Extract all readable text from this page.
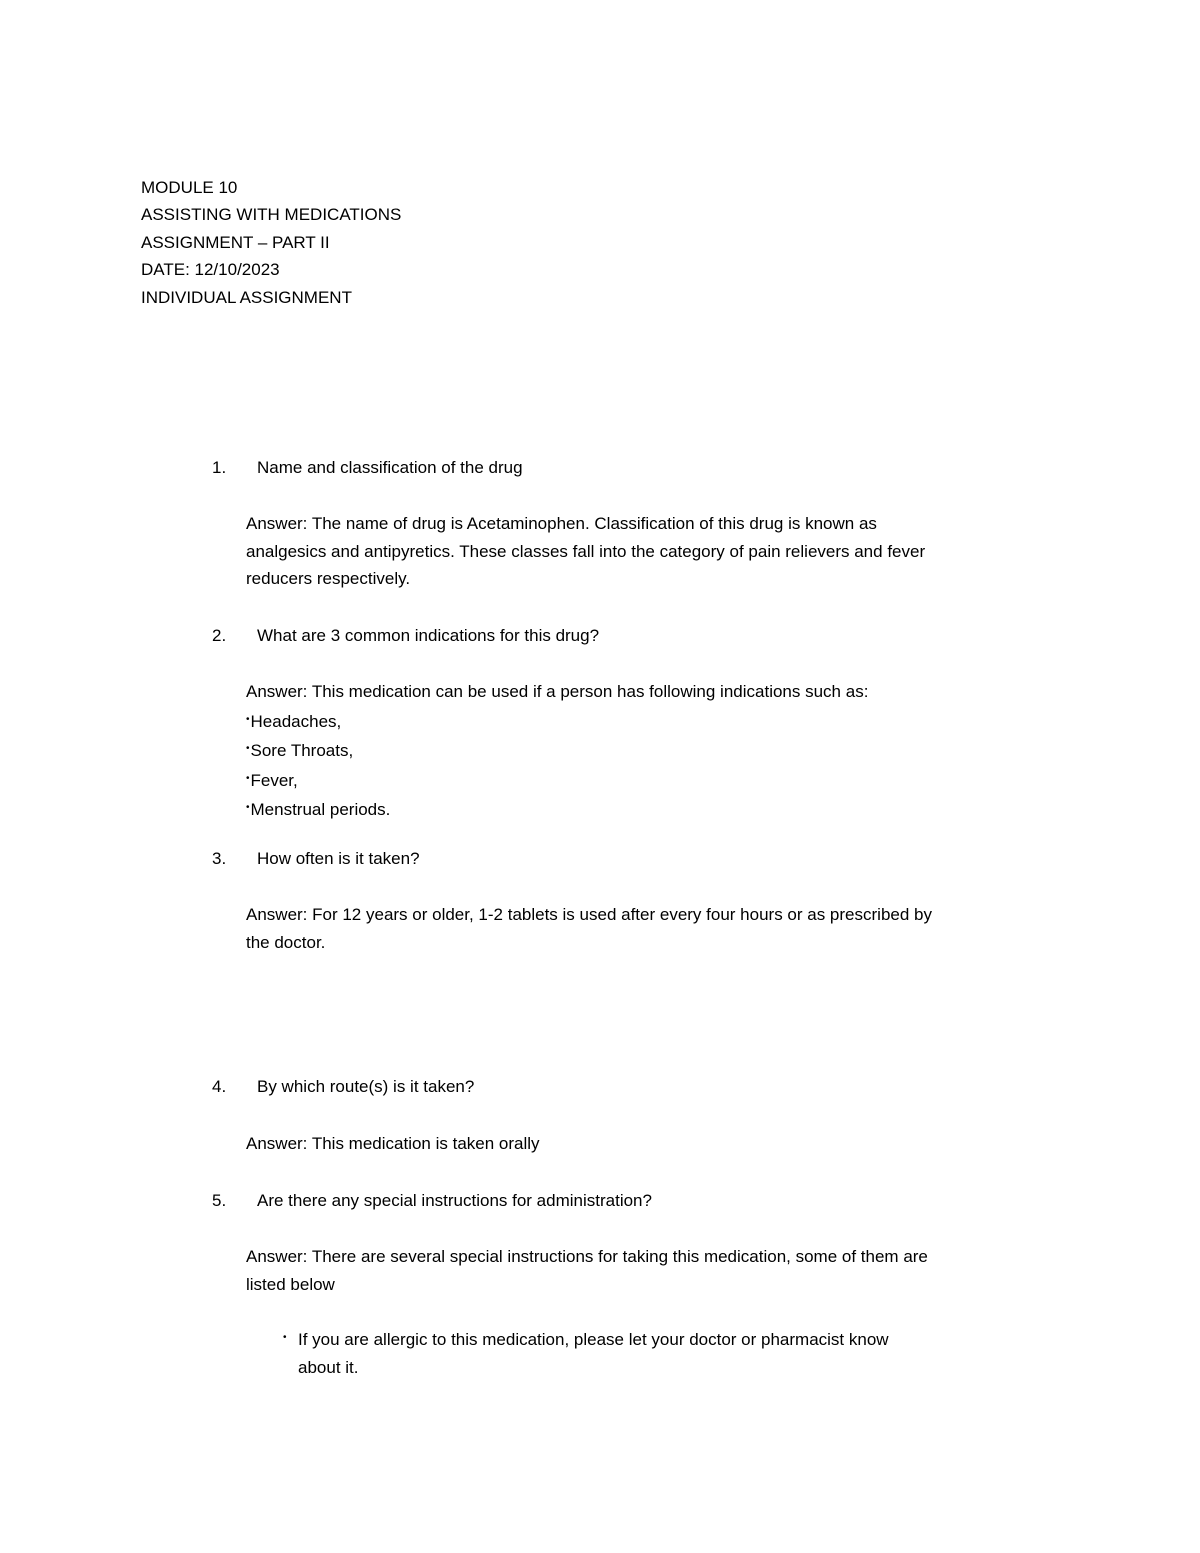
MODULE 10
ASSISTING WITH MEDICATIONS
ASSIGNMENT – PART II
DATE: 12/10/2023
INDIVIDUAL ASSIGNMENT
1. Name and classification of the drug
Answer: The name of drug is Acetaminophen. Classification of this drug is known as
analgesics and antipyretics. These classes fall into the category of pain relievers and fever
reducers respectively.
2. What are 3 common indications for this drug?
Answer: This medication can be used if a person has following indications such as:
•Headaches,
•Sore Throats,
•Fever,
•Menstrual periods.
3. How often is it taken?
Answer: For 12 years or older, 1-2 tablets is used after every four hours or as prescribed by
the doctor.
4. By which route(s) is it taken?
Answer: This medication is taken orally
5. Are there any special instructions for administration?
Answer: There are several special instructions for taking this medication, some of them are
listed below
• If you are allergic to this medication, please let your doctor or pharmacist know
about it.
